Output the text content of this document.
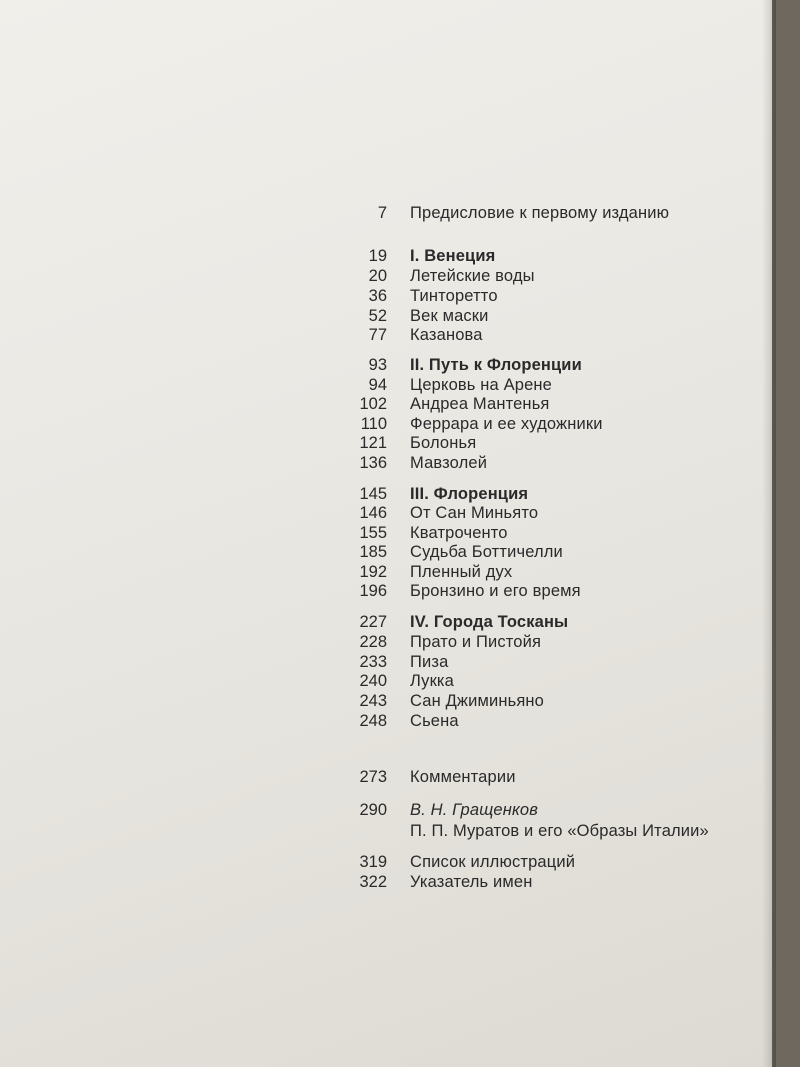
7 Предисловие к первому изданию
19 I. Венеция
20 Летейские воды
36 Тинторетто
52 Век маски
77 Казанова
93 II. Путь к Флоренции
94 Церковь на Арене
102 Андреа Мантенья
110 Феррара и ее художники
121 Болонья
136 Мавзолей
145 III. Флоренция
146 От Сан Миньято
155 Кватроченто
185 Судьба Боттичелли
192 Пленный дух
196 Бронзино и его время
227 IV. Города Тосканы
228 Прато и Пистойя
233 Пиза
240 Лукка
243 Сан Джиминьяно
248 Сьена
273 Комментарии
290 В. Н. Грaщенков
П. П. Муратов и его «Образы Италии»
319 Список иллюстраций
322 Указатель имен
